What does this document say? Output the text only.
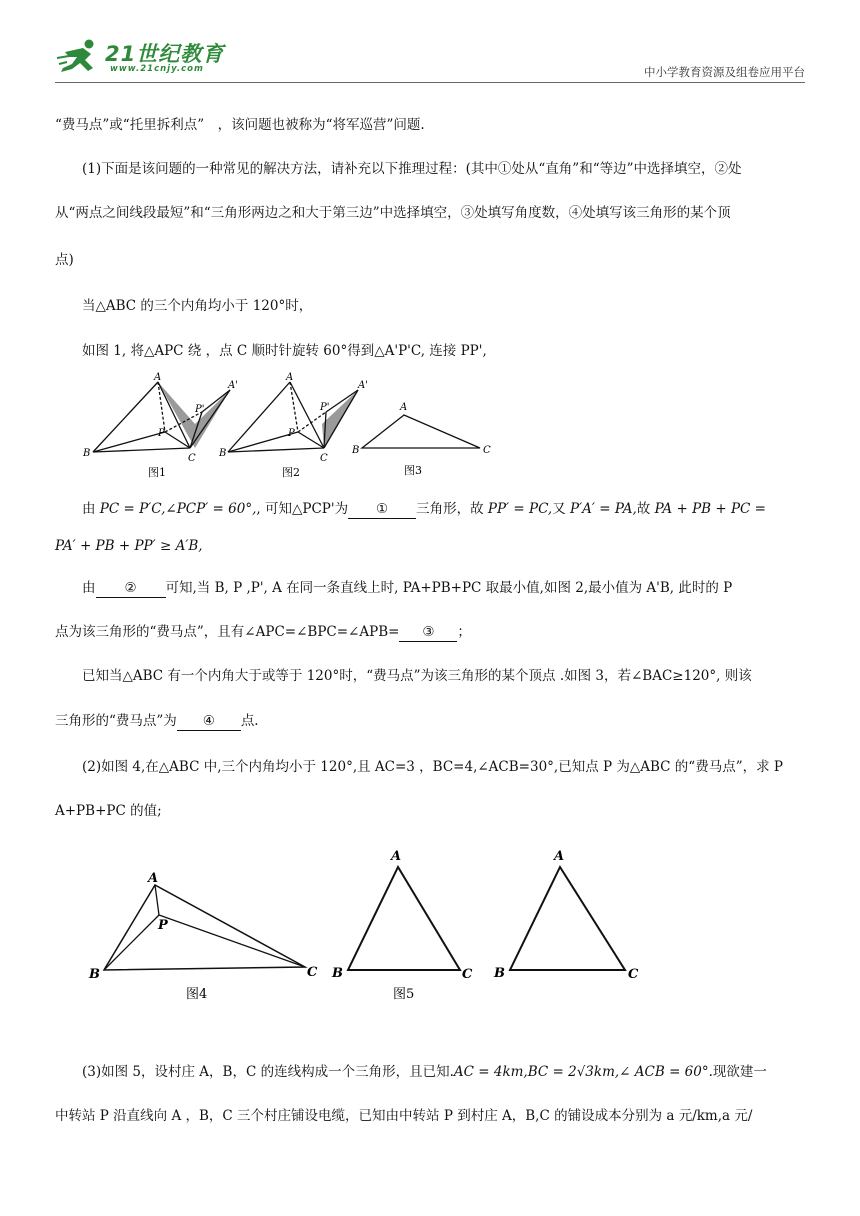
21世纪教育
www.21cnjy.com	中小学教育资源及组卷应用平台
“费马点”或“托里拆利点”　，该问题也被称为“将军巡营”问题.
(1)下面是该问题的一种常见的解决方法，请补充以下推理过程：(其中①处从“直角”和“等边”中选择填空，②处
从“两点之间线段最短”和“三角形两边之和大于第三边”中选择填空，③处填写角度数，④处填写该三角形的某个顶
点)
当△ABC 的三个内角均小于 120°时，
如图 1, 将△APC 绕 ，点 C 顺时针旋转 60°得到△A'P'C, 连接 PP',
A
B	C
P
A'
P'
图1
A
B	C
P
A'
P'
图2
A
B	C
图3
由 PC = P′C,∠PCP′ = 60°,, 可知△PCP'为 ① 三角形，故 PP′ = PC,又 P′A′ = PA,故 PA + PB + PC =
PA′ + PB + PP′ ≥ A′B,
由 ② 可知,当 B, P ,P', A 在同一条直线上时, PA+PB+PC 取最小值,如图 2,最小值为 A'B, 此时的 P
点为该三角形的“费马点”，且有∠APC=∠BPC=∠APB= ③ ；
已知当△ABC 有一个内角大于或等于 120°时，“费马点”为该三角形的某个顶点 .如图 3，若∠BAC≥120°, 则该
三角形的“费马点”为 ④ 点.
(2)如图 4,在△ABC 中,三个内角均小于 120°,且 AC=3 ，BC=4,∠ACB=30°,已知点 P 为△ABC 的“费马点”，求 P
A+PB+PC 的值;
A
B	C
P
图4
A
B	C
图5
A
B	C
(3)如图 5，设村庄 A，B，C 的连线构成一个三角形，且已知.AC = 4km,BC = 2√3km,∠ ACB = 60°.现欲建一
中转站 P 沿直线向 A ，B，C 三个村庄铺设电缆，已知由中转站 P 到村庄 A，B,C 的铺设成本分别为 a 元/km,a 元/
